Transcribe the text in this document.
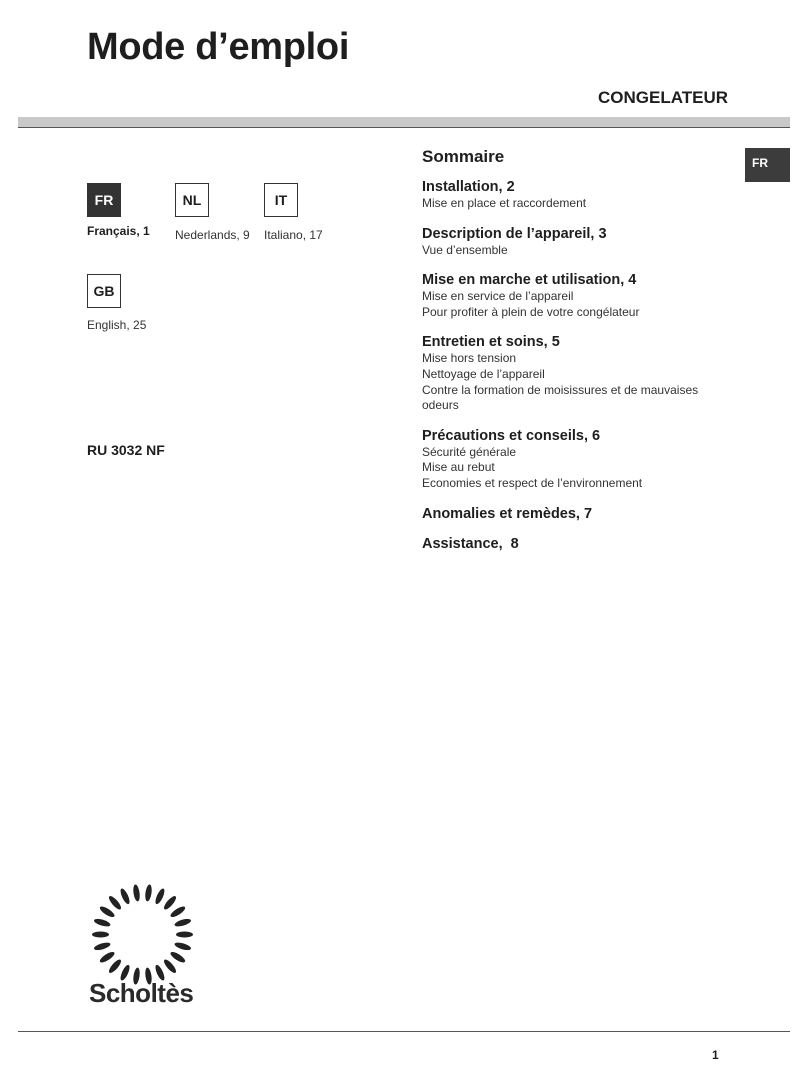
Mode d’emploi
CONGELATEUR
FR
Français, 1
NL
Nederlands, 9
IT
Italiano, 17
GB
English, 25
RU 3032 NF
Sommaire
Installation, 2
Mise en place et raccordement
Description de l’appareil, 3
Vue d’ensemble
Mise en marche et utilisation, 4
Mise en service de l’appareil
Pour profiter à plein de votre congélateur
Entretien et soins, 5
Mise hors tension
Nettoyage de l’appareil
Contre la formation de moisissures et de mauvaises odeurs
Précautions et conseils, 6
Sécurité générale
Mise au rebut
Economies et respect de l’environnement
Anomalies et remèdes, 7
Assistance,  8
FR
Scholtès
1
